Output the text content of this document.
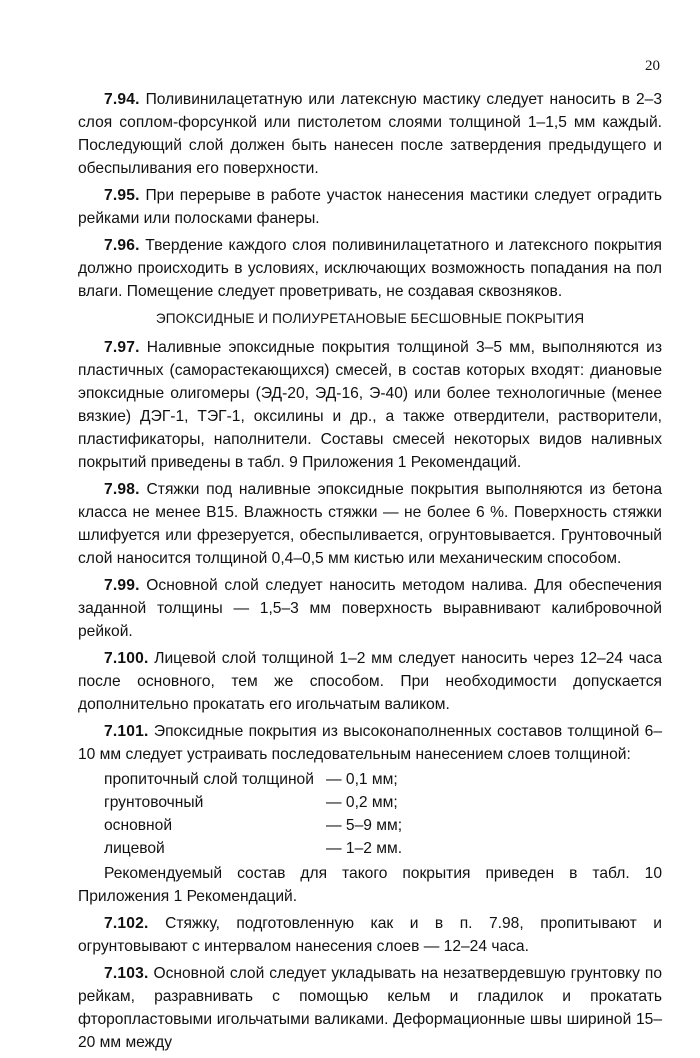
20

7.94. Поливинилацетатную или латексную мастику следует наносить в 2–3 слоя соплом-форсункой или пистолетом слоями толщиной 1–1,5 мм каждый. Последующий слой должен быть нанесен после затвердения предыдущего и обеспыливания его поверхности.

7.95. При перерыве в работе участок нанесения мастики следует оградить рейками или полосками фанеры.

7.96. Твердение каждого слоя поливинилацетатного и латексного покрытия должно происходить в условиях, исключающих возможность попадания на пол влаги. Помещение следует проветривать, не создавая сквозняков.

ЭПОКСИДНЫЕ И ПОЛИУРЕТАНОВЫЕ БЕСШОВНЫЕ ПОКРЫТИЯ

7.97. Наливные эпоксидные покрытия толщиной 3–5 мм, выполняются из пластичных (саморастекающихся) смесей, в состав которых входят: диановые эпоксидные олигомеры (ЭД-20, ЭД-16, Э-40) или более технологичные (менее вязкие) ДЭГ-1, ТЭГ-1, оксилины и др., а также отвердители, растворители, пластификаторы, наполнители. Составы смесей некоторых видов наливных покрытий приведены в табл. 9 Приложения 1 Рекомендаций.

7.98. Стяжки под наливные эпоксидные покрытия выполняются из бетона класса не менее В15. Влажность стяжки — не более 6 %. Поверхность стяжки шлифуется или фрезеруется, обеспыливается, огрунтовывается. Грунтовочный слой наносится толщиной 0,4–0,5 мм кистью или механическим способом.

7.99. Основной слой следует наносить методом налива. Для обеспечения заданной толщины — 1,5–3 мм поверхность выравнивают калибровочной рейкой.

7.100. Лицевой слой толщиной 1–2 мм следует наносить через 12–24 часа после основного, тем же способом. При необходимости допускается дополнительно прокатать его игольчатым валиком.

7.101. Эпоксидные покрытия из высоконаполненных составов толщиной 6–10 мм следует устраивать последовательным нанесением слоев толщиной:

пропиточный слой толщиной	— 0,1 мм;
грунтовочный	— 0,2 мм;
основной	— 5–9 мм;
лицевой	— 1–2 мм.

Рекомендуемый состав для такого покрытия приведен в табл. 10 Приложения 1 Рекомендаций.

7.102. Стяжку, подготовленную как и в п. 7.98, пропитывают и огрунтовывают с интервалом нанесения слоев — 12–24 часа.

7.103. Основной слой следует укладывать на незатвердевшую грунтовку по рейкам, разравнивать с помощью кельм и гладилок и прокатать фторопластовыми игольчатыми валиками. Деформационные швы шириной 15–20 мм между
